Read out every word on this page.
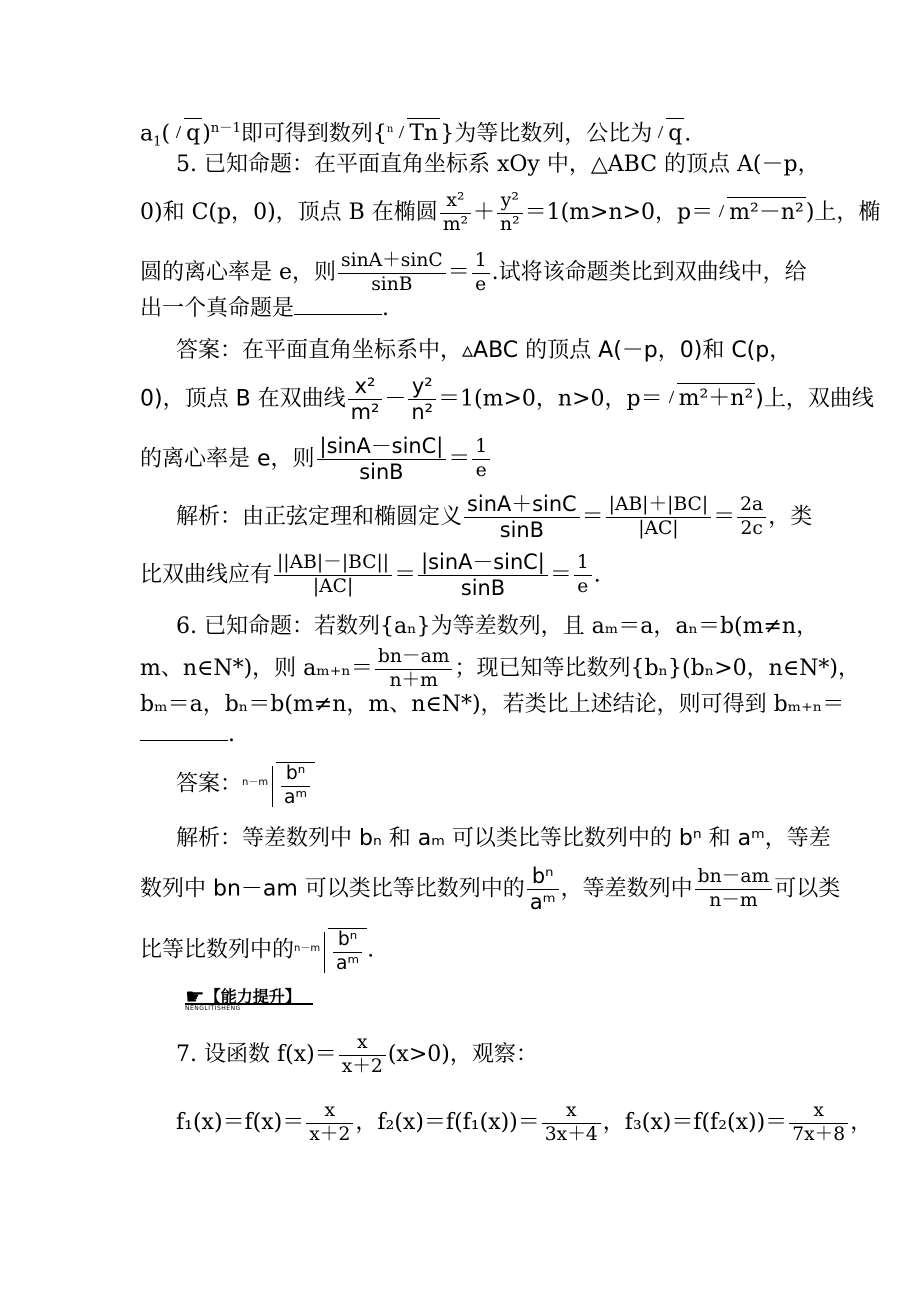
$a_1$( q)$^{n-1}$即可得到数列{$^n$ Tn}为等比数列，公比为 q.
5. 已知命题：在平面直角坐标系 xOy 中，△ABC 的顶点 A(－p，
0)和 C(p，0)，顶点 B 在椭圆 $\frac{\text{x²}}{\text{m²}} + \frac{\text{y²}}{\text{n²}} =1(m>n>0$，p＝ m²－n²)上，椭
圆的离心率是 e，则 $\frac{\sin A+\sin C}{\sin B} = \frac{1}{e}$ .试将该命题类比到双曲线中，给
出一个真命题是	.
答案：在平面直角坐标系中，▵ABC 的顶点 A(－p，0)和 C(p，
0)，顶点 B 在双曲线 $\frac{\text{x²}}{\text{m²}} - \frac{\text{y²}}{\text{n²}} =1(m>0$，n>0，p＝ m²＋n²)上，双曲线
的离心率是 e，则 $\frac{|\sin A-\sin C|}{\sin B} = \frac{1}{e}$
解析：由正弦定理和椭圆定义 $\frac{\sin A+\sin C}{\sin B} = \frac{|AB|+|BC|}{|AC|} = \frac{2a}{2c}$ ，类
比双曲线应有 $\frac{||AB|-|BC||}{|AC|} = \frac{|\sin A-\sin C|}{\sin B} = \frac{1}{e}$ .
6. 已知命题：若数列{aₙ}为等差数列，且 aₘ＝a，aₙ＝b(m≠n，
m、n∈N*)，则 $a_{m+n}= \frac{bn-am}{n+m}$ ；现已知等比数列{bₙ}(bₙ>0，n∈N*)，
bₘ＝a，bₙ＝b(m≠n，m、n∈N*)，若类比上述结论，则可得到 bₘ₊ₙ＝
.
答案： $n-m \frac{\text{bⁿ}}{\text{aᵐ}}$
解析：等差数列中 bₙ 和 aₘ 可以类比等比数列中的 bⁿ 和 aᵐ，等差
数列中 bn－am 可以类比等比数列中的 $\frac{\text{bⁿ}}{\text{aᵐ}}$ ，等差数列中 $\frac{bn-am}{n-m}$ 可以类
比等比数列中的 $n-m \frac{\text{bⁿ}}{\text{aᵐ}}$ .
☛【能力提升】
NENGLITISHENG
7. 设函数 $f(x)= \frac{x}{x+2} (x>0)$，观察：
$f_1(x)=f(x)= \frac{x}{x+2}$ ，$f_2(x)=f(f_1(x))= \frac{x}{3x+4}$ ，$f_3(x)=f(f_2(x))= \frac{x}{7x+8}$ ，
